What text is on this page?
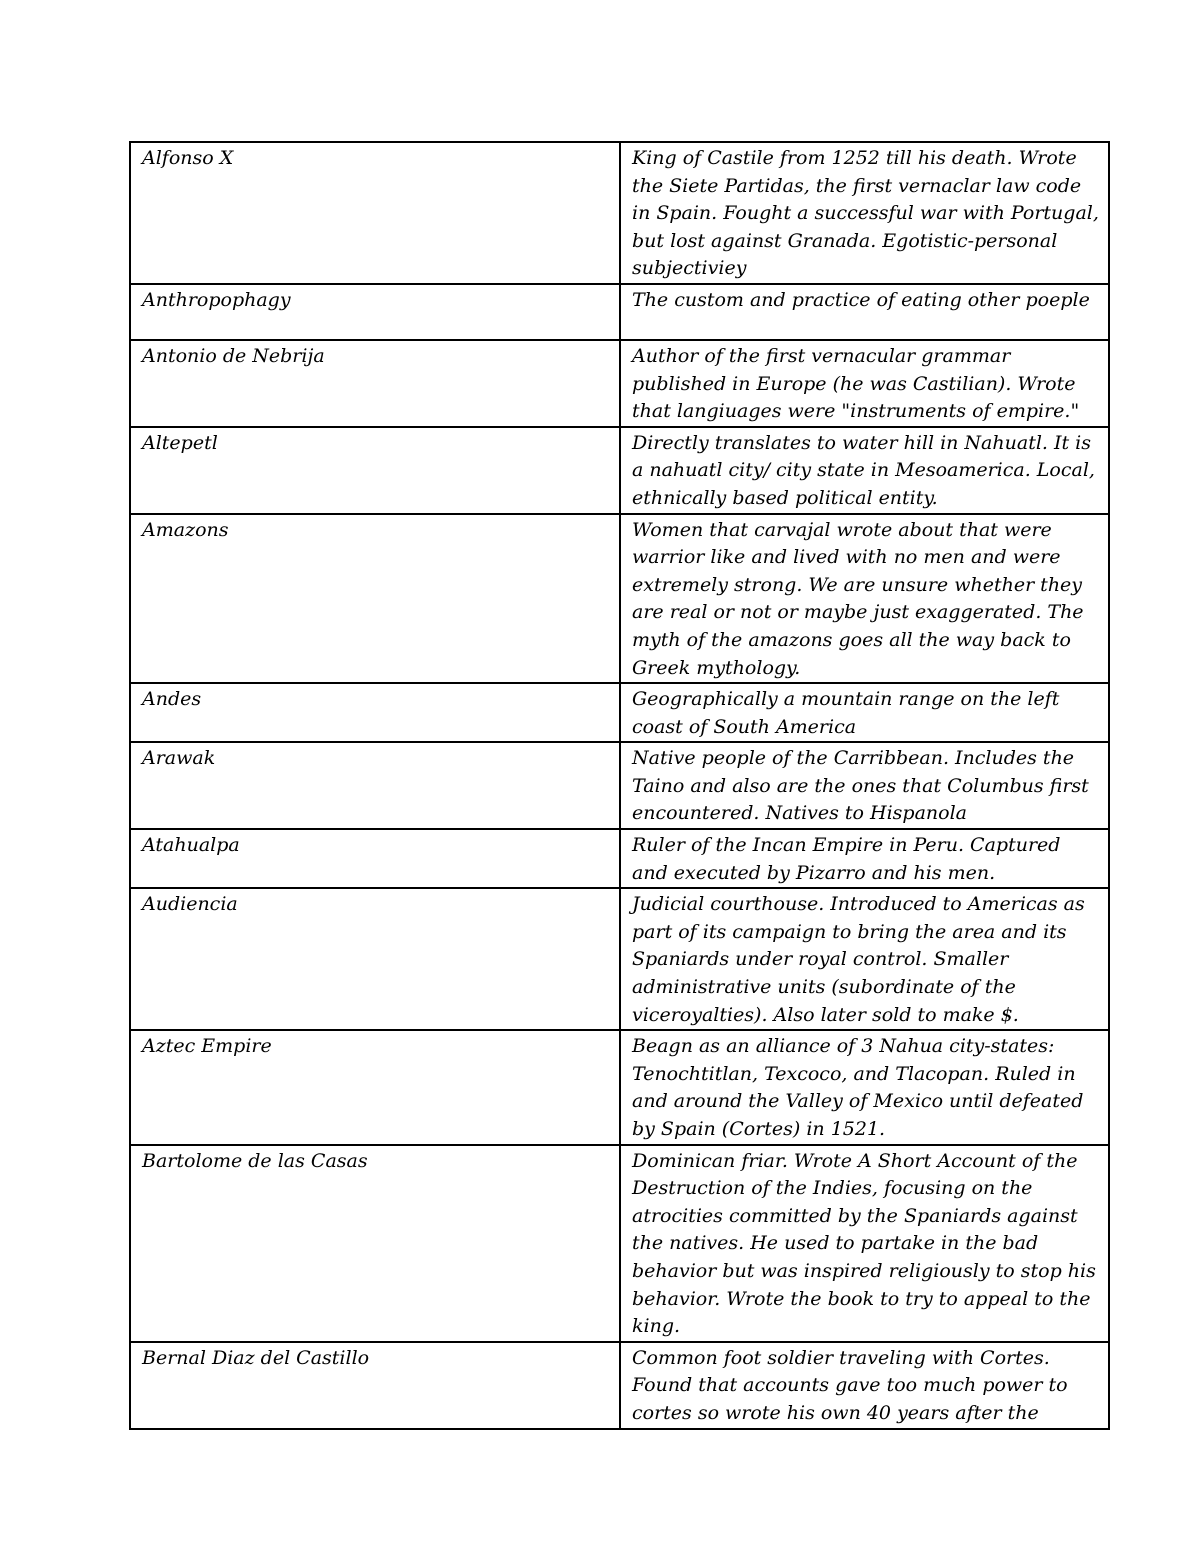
Alfonso X	King of Castile from 1252 till his death. Wrote the Siete Partidas, the first vernaclar law code in Spain. Fought a successful war with Portugal, but lost against Granada. Egotistic-personal subjectiviey
Anthropophagy	The custom and practice of eating other poeple
Antonio de Nebrija	Author of the first vernacular grammar published in Europe (he was Castilian). Wrote that langiuages were "instruments of empire."
Altepetl	Directly translates to water hill in Nahuatl. It is a nahuatl city/ city state in Mesoamerica. Local, ethnically based political entity.
Amazons	Women that carvajal wrote about that were warrior like and lived with no men and were extremely strong. We are unsure whether they are real or not or maybe just exaggerated. The myth of the amazons goes all the way back to Greek mythology.
Andes	Geographically a mountain range on the left coast of South America
Arawak	Native people of the Carribbean. Includes the Taino and also are the ones that Columbus first encountered. Natives to Hispanola
Atahualpa	Ruler of the Incan Empire in Peru. Captured and executed by Pizarro and his men.
Audiencia	Judicial courthouse. Introduced to Americas as part of its campaign to bring the area and its Spaniards under royal control. Smaller administrative units (subordinate of the viceroyalties). Also later sold to make $.
Aztec Empire	Beagn as an alliance of 3 Nahua city-states: Tenochtitlan, Texcoco, and Tlacopan. Ruled in and around the Valley of Mexico until defeated by Spain (Cortes) in 1521.
Bartolome de las Casas	Dominican friar. Wrote A Short Account of the Destruction of the Indies, focusing on the atrocities committed by the Spaniards against the natives. He used to partake in the bad behavior but was inspired religiously to stop his behavior. Wrote the book to try to appeal to the king.
Bernal Diaz del Castillo	Common foot soldier traveling with Cortes. Found that accounts gave too much power to cortes so wrote his own 40 years after the
